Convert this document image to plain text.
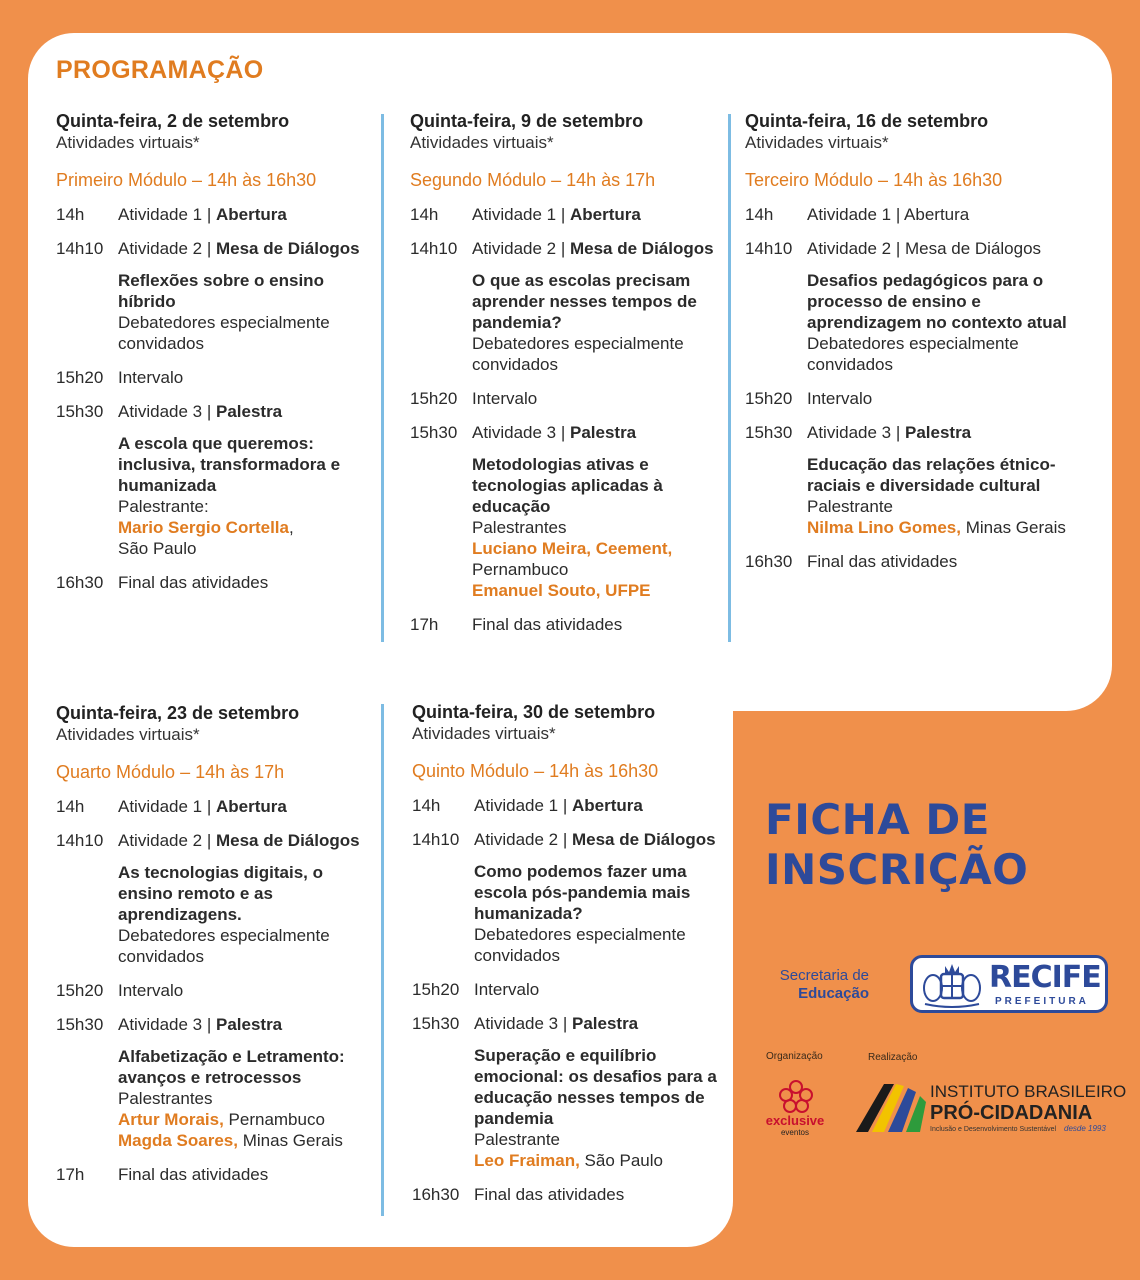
PROGRAMAÇÃO
Quinta-feira, 2 de setembro
Atividades virtuais*
Primeiro Módulo – 14h às 16h30
14h	Atividade 1 | Abertura
14h10 Atividade 2 | Mesa de Diálogos
Reflexões sobre o ensino híbrido
Debatedores especialmente convidados
15h20 Intervalo
15h30 Atividade 3 | Palestra
A escola que queremos: inclusiva, transformadora e humanizada
Palestrante:
Mario Sergio Cortella,
São Paulo
16h30 Final das atividades
Quinta-feira, 9 de setembro
Atividades virtuais*
Segundo Módulo – 14h às 17h
14h	Atividade 1 | Abertura
14h10 Atividade 2 | Mesa de Diálogos
O que as escolas precisam aprender nesses tempos de pandemia?
Debatedores especialmente convidados
15h20 Intervalo
15h30 Atividade 3 | Palestra
Metodologias ativas e tecnologias aplicadas à educação
Palestrantes
Luciano Meira, Ceement,
Pernambuco
Emanuel Souto, UFPE
17h	Final das atividades
Quinta-feira, 16 de setembro
Atividades virtuais*
Terceiro Módulo – 14h às 16h30
14h	Atividade 1 | Abertura
14h10 Atividade 2 | Mesa de Diálogos
Desafios pedagógicos para o processo de ensino e aprendizagem no contexto atual
Debatedores especialmente convidados
15h20 Intervalo
15h30 Atividade 3 | Palestra
Educação das relações étnico-raciais e diversidade cultural
Palestrante
Nilma Lino Gomes, Minas Gerais
16h30 Final das atividades
Quinta-feira, 23 de setembro
Atividades virtuais*
Quarto Módulo – 14h às 17h
14h	Atividade 1 | Abertura
14h10 Atividade 2 | Mesa de Diálogos
As tecnologias digitais, o ensino remoto e as aprendizagens.
Debatedores especialmente convidados
15h20 Intervalo
15h30 Atividade 3 | Palestra
Alfabetização e Letramento: avanços e retrocessos
Palestrantes
Artur Morais, Pernambuco
Magda Soares, Minas Gerais
17h	Final das atividades
Quinta-feira, 30 de setembro
Atividades virtuais*
Quinto Módulo – 14h às 16h30
14h	Atividade 1 | Abertura
14h10 Atividade 2 | Mesa de Diálogos
Como podemos fazer uma escola pós-pandemia mais humanizada?
Debatedores especialmente convidados
15h20 Intervalo
15h30 Atividade 3 | Palestra
Superação e equilíbrio emocional: os desafios para a educação nesses tempos de pandemia
Palestrante
Leo Fraiman, São Paulo
16h30 Final das atividades
FICHA DE
INSCRIÇÃO
Secretaria de
Educação	RECIFE
PREFEITURA
Organização	Realização
exclusive
eventos
INSTITUTO BRASILEIRO
PRÓ-CIDADANIA
Inclusão e Desenvolvimento Sustentável desde 1993
